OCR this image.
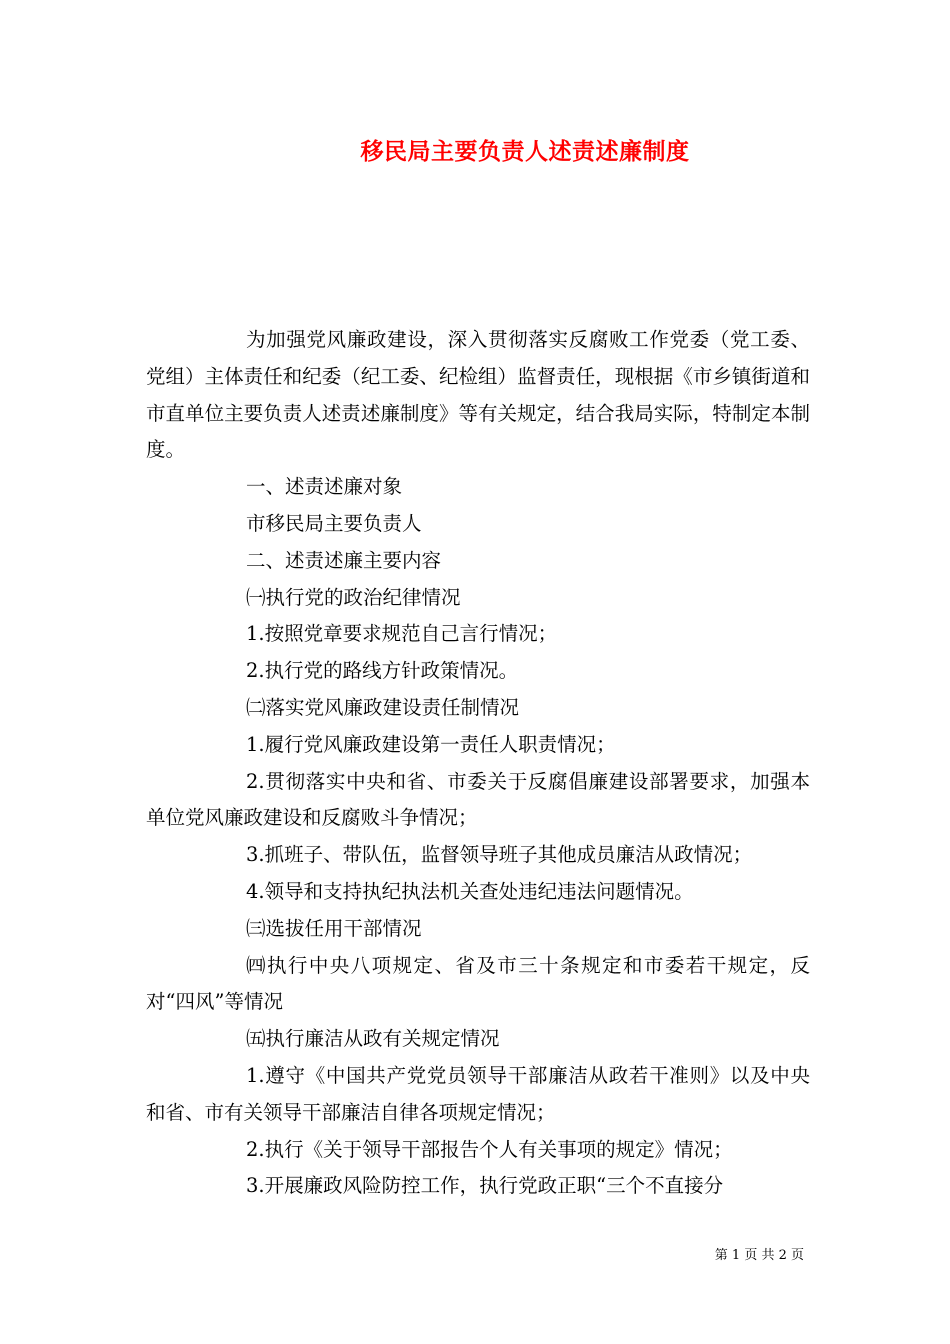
移民局主要负责人述责述廉制度

为加强党风廉政建设，深入贯彻落实反腐败工作党委（党工委、党组）主体责任和纪委（纪工委、纪检组）监督责任，现根据《市乡镇街道和市直单位主要负责人述责述廉制度》等有关规定，结合我局实际，特制定本制度。

一、述责述廉对象

市移民局主要负责人

二、述责述廉主要内容

㈠执行党的政治纪律情况

1.按照党章要求规范自己言行情况；

2.执行党的路线方针政策情况。

㈡落实党风廉政建设责任制情况

1.履行党风廉政建设第一责任人职责情况；

2.贯彻落实中央和省、市委关于反腐倡廉建设部署要求，加强本单位党风廉政建设和反腐败斗争情况；

3.抓班子、带队伍，监督领导班子其他成员廉洁从政情况；

4.领导和支持执纪执法机关查处违纪违法问题情况。

㈢选拔任用干部情况

㈣执行中央八项规定、省及市三十条规定和市委若干规定，反对“四风”等情况

㈤执行廉洁从政有关规定情况

1.遵守《中国共产党党员领导干部廉洁从政若干准则》以及中央和省、市有关领导干部廉洁自律各项规定情况；

2.执行《关于领导干部报告个人有关事项的规定》情况；

3.开展廉政风险防控工作，执行党政正职“三个不直接分

第 1 页 共 2 页
